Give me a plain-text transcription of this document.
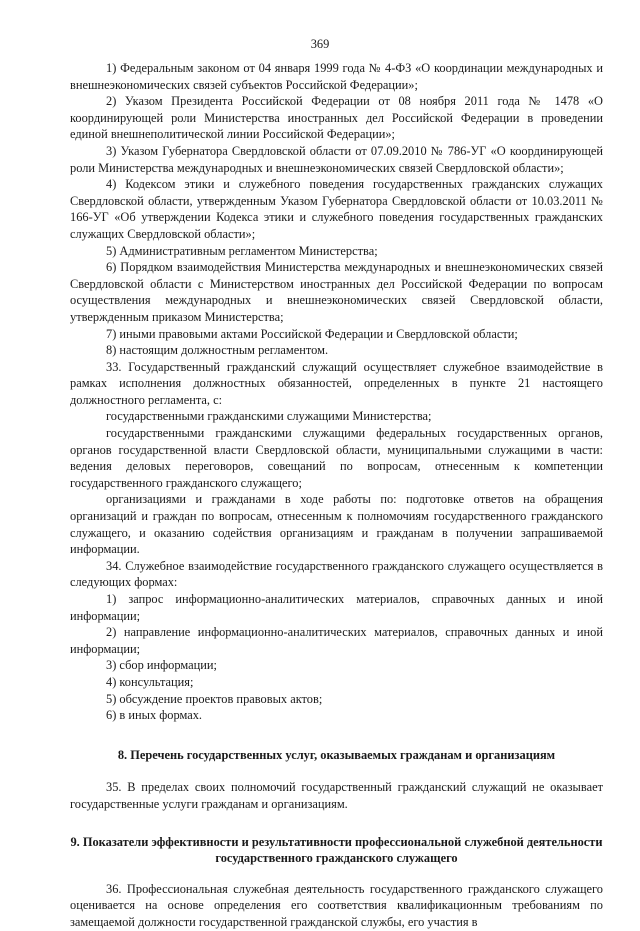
369

1) Федеральным законом от 04 января 1999 года № 4-ФЗ «О координации международных и внешнеэкономических связей субъектов Российской Федерации»;

2) Указом Президента Российской Федерации от 08 ноября 2011 года № 1478 «О координирующей роли Министерства иностранных дел Российской Федерации в проведении единой внешнеполитической линии Российской Федерации»;

3) Указом Губернатора Свердловской области от 07.09.2010 № 786-УГ «О координирующей роли Министерства международных и внешнеэкономических связей Свердловской области»;

4) Кодексом этики и служебного поведения государственных гражданских служащих Свердловской области, утвержденным Указом Губернатора Свердловской области от 10.03.2011 № 166-УГ «Об утверждении Кодекса этики и служебного поведения государственных гражданских служащих Свердловской области»;

5) Административным регламентом Министерства;

6) Порядком взаимодействия Министерства международных и внешнеэкономических связей Свердловской области с Министерством иностранных дел Российской Федерации по вопросам осуществления международных и внешнеэкономических связей Свердловской области, утвержденным приказом Министерства;

7) иными правовыми актами Российской Федерации и Свердловской области;

8) настоящим должностным регламентом.

33. Государственный гражданский служащий осуществляет служебное взаимодействие в рамках исполнения должностных обязанностей, определенных в пункте 21 настоящего должностного регламента, с:

государственными гражданскими служащими Министерства;

государственными гражданскими служащими федеральных государственных органов, органов государственной власти Свердловской области, муниципальными служащими в части: ведения деловых переговоров, совещаний по вопросам, отнесенным к компетенции государственного гражданского служащего;

организациями и гражданами в ходе работы по: подготовке ответов на обращения организаций и граждан по вопросам, отнесенным к полномочиям государственного гражданского служащего, и оказанию содействия организациям и гражданам в получении запрашиваемой информации.

34. Служебное взаимодействие государственного гражданского служащего осуществляется в следующих формах:

1) запрос информационно-аналитических материалов, справочных данных и иной информации;

2) направление информационно-аналитических материалов, справочных данных и иной информации;

3) сбор информации;

4) консультация;

5) обсуждение проектов правовых актов;

6) в иных формах.

8. Перечень государственных услуг, оказываемых гражданам и организациям

35. В пределах своих полномочий государственный гражданский служащий не оказывает государственные услуги гражданам и организациям.

9. Показатели эффективности и результативности профессиональной служебной деятельности государственного гражданского служащего

36. Профессиональная служебная деятельность государственного гражданского служащего оценивается на основе определения его соответствия квалификационным требованиям по замещаемой должности государственной гражданской службы, его участия в
